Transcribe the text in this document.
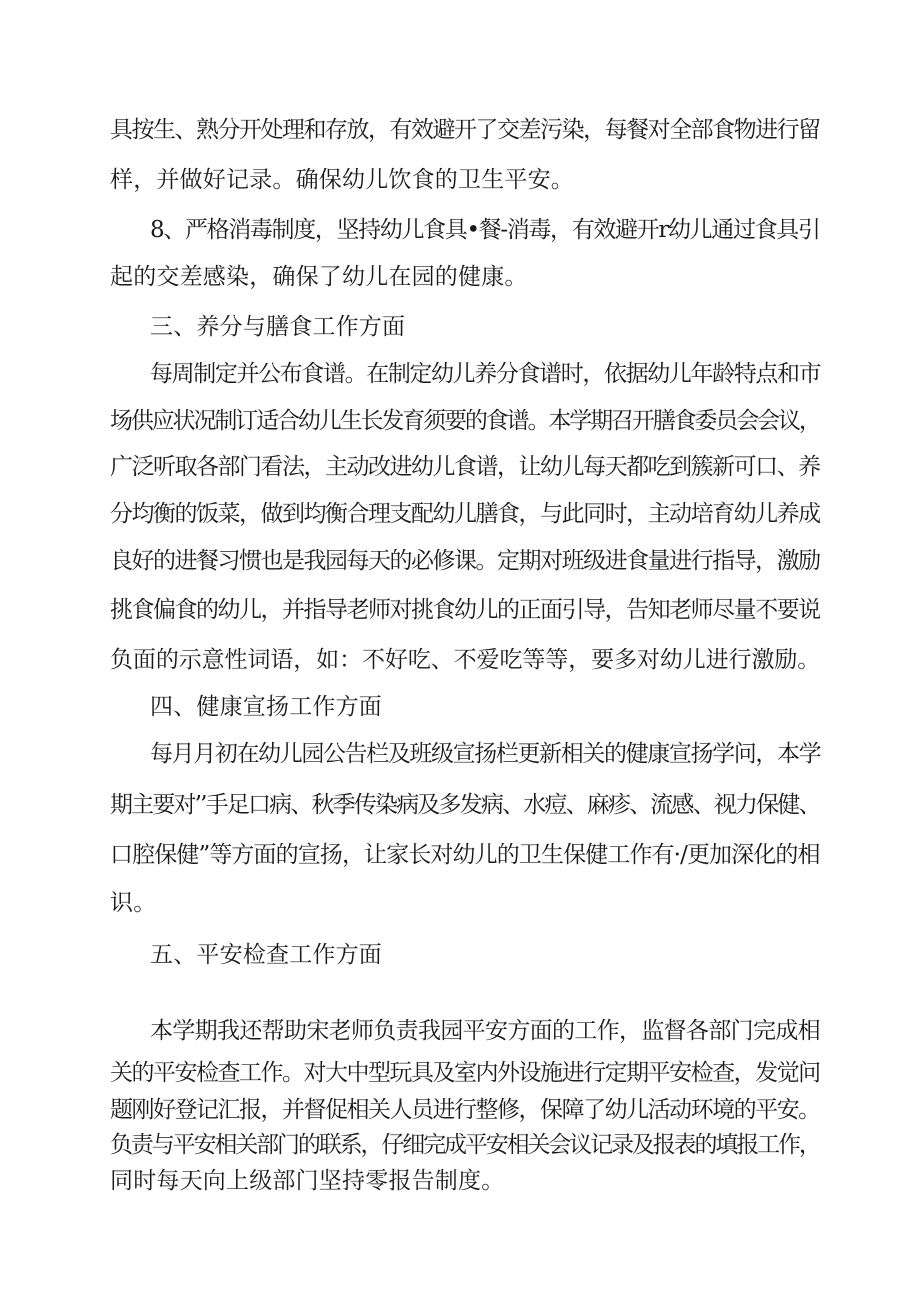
具按生、熟分开处理和存放，有效避开了交差污染，每餐对全部食物进行留
样，并做好记录。确保幼儿饮食的卫生平安。
8、严格消毒制度，坚持幼儿食具•餐-消毒，有效避开r幼儿通过食具引
起的交差感染，确保了幼儿在园的健康。
三、养分与膳食工作方面
每周制定并公布食谱。在制定幼儿养分食谱时，依据幼儿年龄特点和市
场供应状况制订适合幼儿生长发育须要的食谱。本学期召开膳食委员会会议，
广泛听取各部门看法，主动改进幼儿食谱，让幼儿每天都吃到簇新可口、养
分均衡的饭菜，做到均衡合理支配幼儿膳食，与此同时，主动培育幼儿养成
良好的进餐习惯也是我园每天的必修课。定期对班级进食量进行指导，激励
挑食偏食的幼儿，并指导老师对挑食幼儿的正面引导，告知老师尽量不要说
负面的示意性词语，如：不好吃、不爱吃等等，要多对幼儿进行激励。
四、健康宣扬工作方面
每月月初在幼儿园公告栏及班级宣扬栏更新相关的健康宣扬学问，本学
期主要对’’手足口病、秋季传染病及多发病、水痘、麻疹、流感、视力保健、
口腔保健”等方面的宣扬，让家长对幼儿的卫生保健工作有·/更加深化的相
识。
五、平安检查工作方面
本学期我还帮助宋老师负责我园平安方面的工作，监督各部门完成相
关的平安检查工作。对大中型玩具及室内外设施进行定期平安检查，发觉问
题刚好登记汇报，并督促相关人员进行整修，保障了幼儿活动环境的平安。
负责与平安相关部门的联系，仔细完成平安相关会议记录及报表的填报工作，
同时每天向上级部门坚持零报告制度。
